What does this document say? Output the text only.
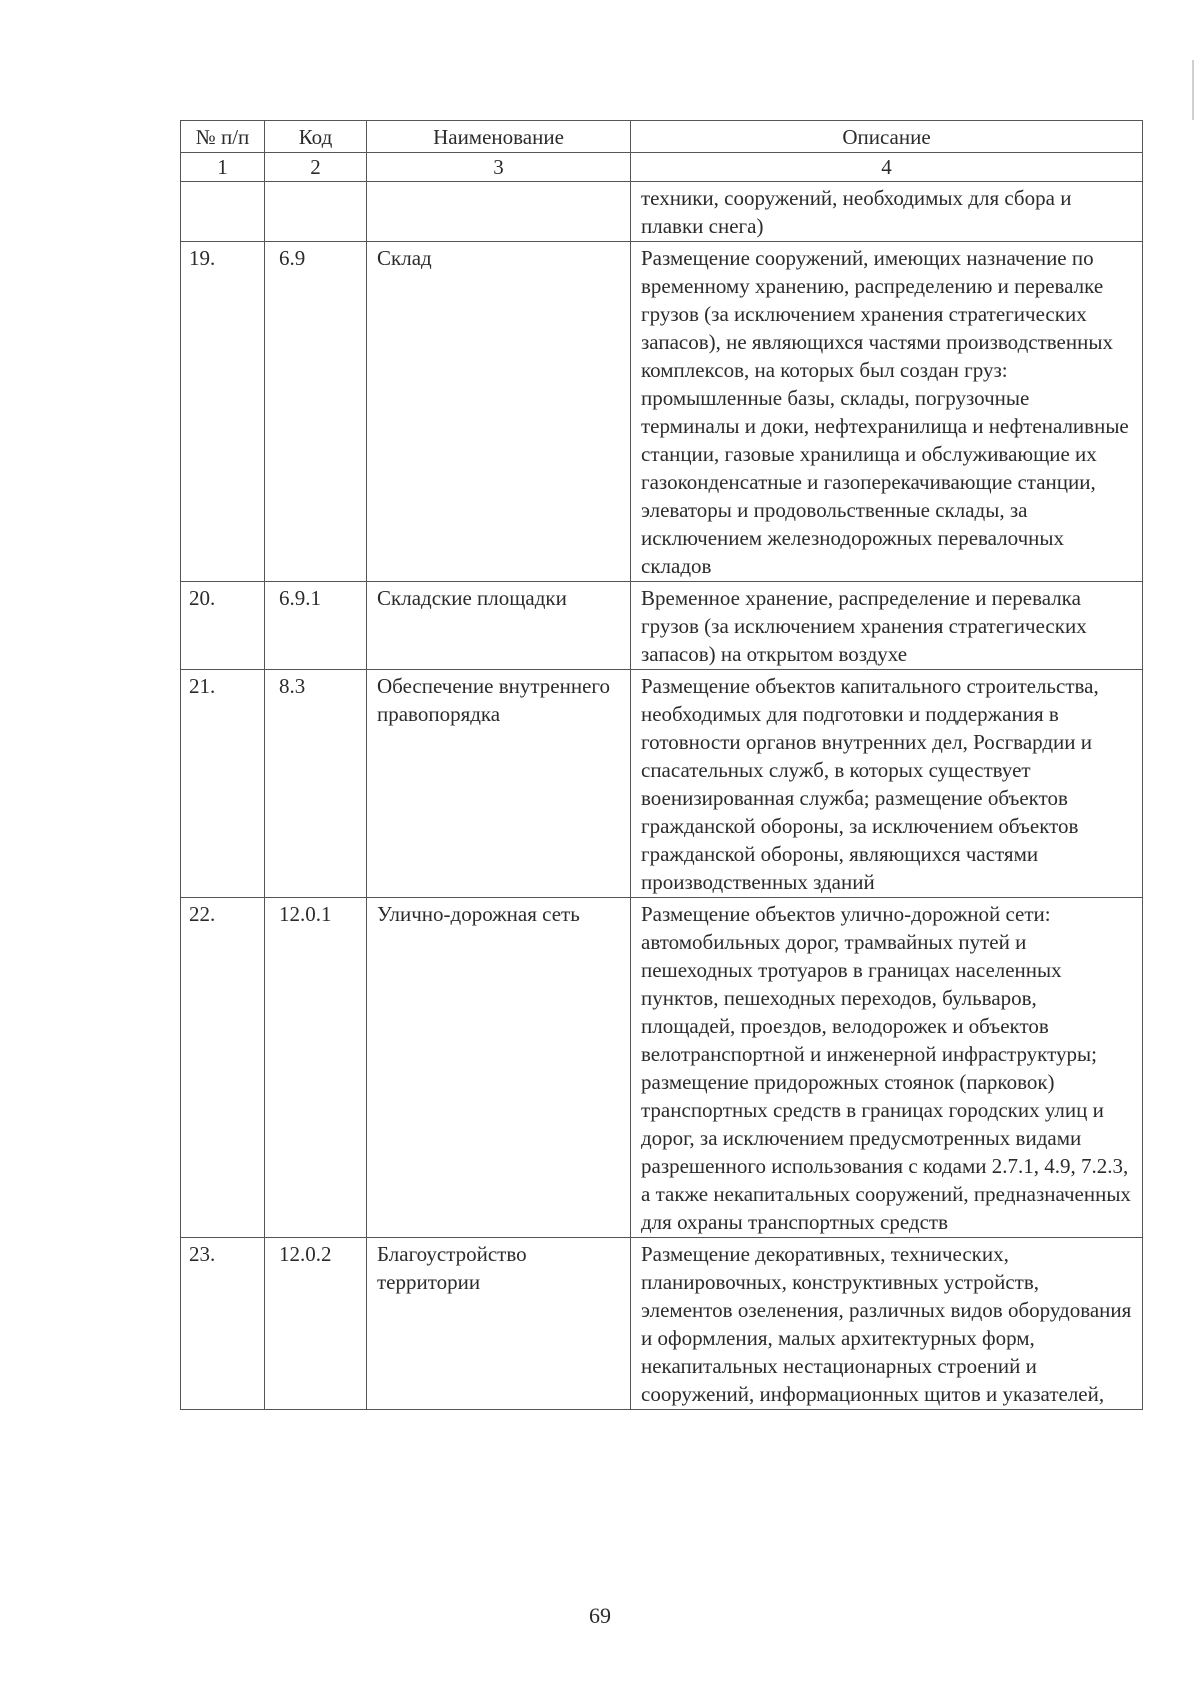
№ п/п	Код	Наименование	Описание
1	2	3	4
			техники, сооружений, необходимых для сбора и плавки снега)
19.	6.9	Склад	Размещение сооружений, имеющих назначение по временному хранению, распределению и перевалке грузов (за исключением хранения стратегических запасов), не являющихся частями производственных комплексов, на которых был создан груз: промышленные базы, склады, погрузочные терминалы и доки, нефтехранилища и нефтеналивные станции, газовые хранилища и обслуживающие их газоконденсатные и газоперекачивающие станции, элеваторы и продовольственные склады, за исключением железнодорожных перевалочных складов
20.	6.9.1	Складские площадки	Временное хранение, распределение и перевалка грузов (за исключением хранения стратегических запасов) на открытом воздухе
21.	8.3	Обеспечение внутреннего правопорядка	Размещение объектов капитального строительства, необходимых для подготовки и поддержания в готовности органов внутренних дел, Росгвардии и спасательных служб, в которых существует военизированная служба; размещение объектов гражданской обороны, за исключением объектов гражданской обороны, являющихся частями производственных зданий
22.	12.0.1	Улично-дорожная сеть	Размещение объектов улично-дорожной сети: автомобильных дорог, трамвайных путей и пешеходных тротуаров в границах населенных пунктов, пешеходных переходов, бульваров, площадей, проездов, велодорожек и объектов велотранспортной и инженерной инфраструктуры; размещение придорожных стоянок (парковок) транспортных средств в границах городских улиц и дорог, за исключением предусмотренных видами разрешенного использования с кодами 2.7.1, 4.9, 7.2.3, а также некапитальных сооружений, предназначенных для охраны транспортных средств
23.	12.0.2	Благоустройство территории	Размещение декоративных, технических, планировочных, конструктивных устройств, элементов озеленения, различных видов оборудования и оформления, малых архитектурных форм, некапитальных нестационарных строений и сооружений, информационных щитов и указателей,
69
